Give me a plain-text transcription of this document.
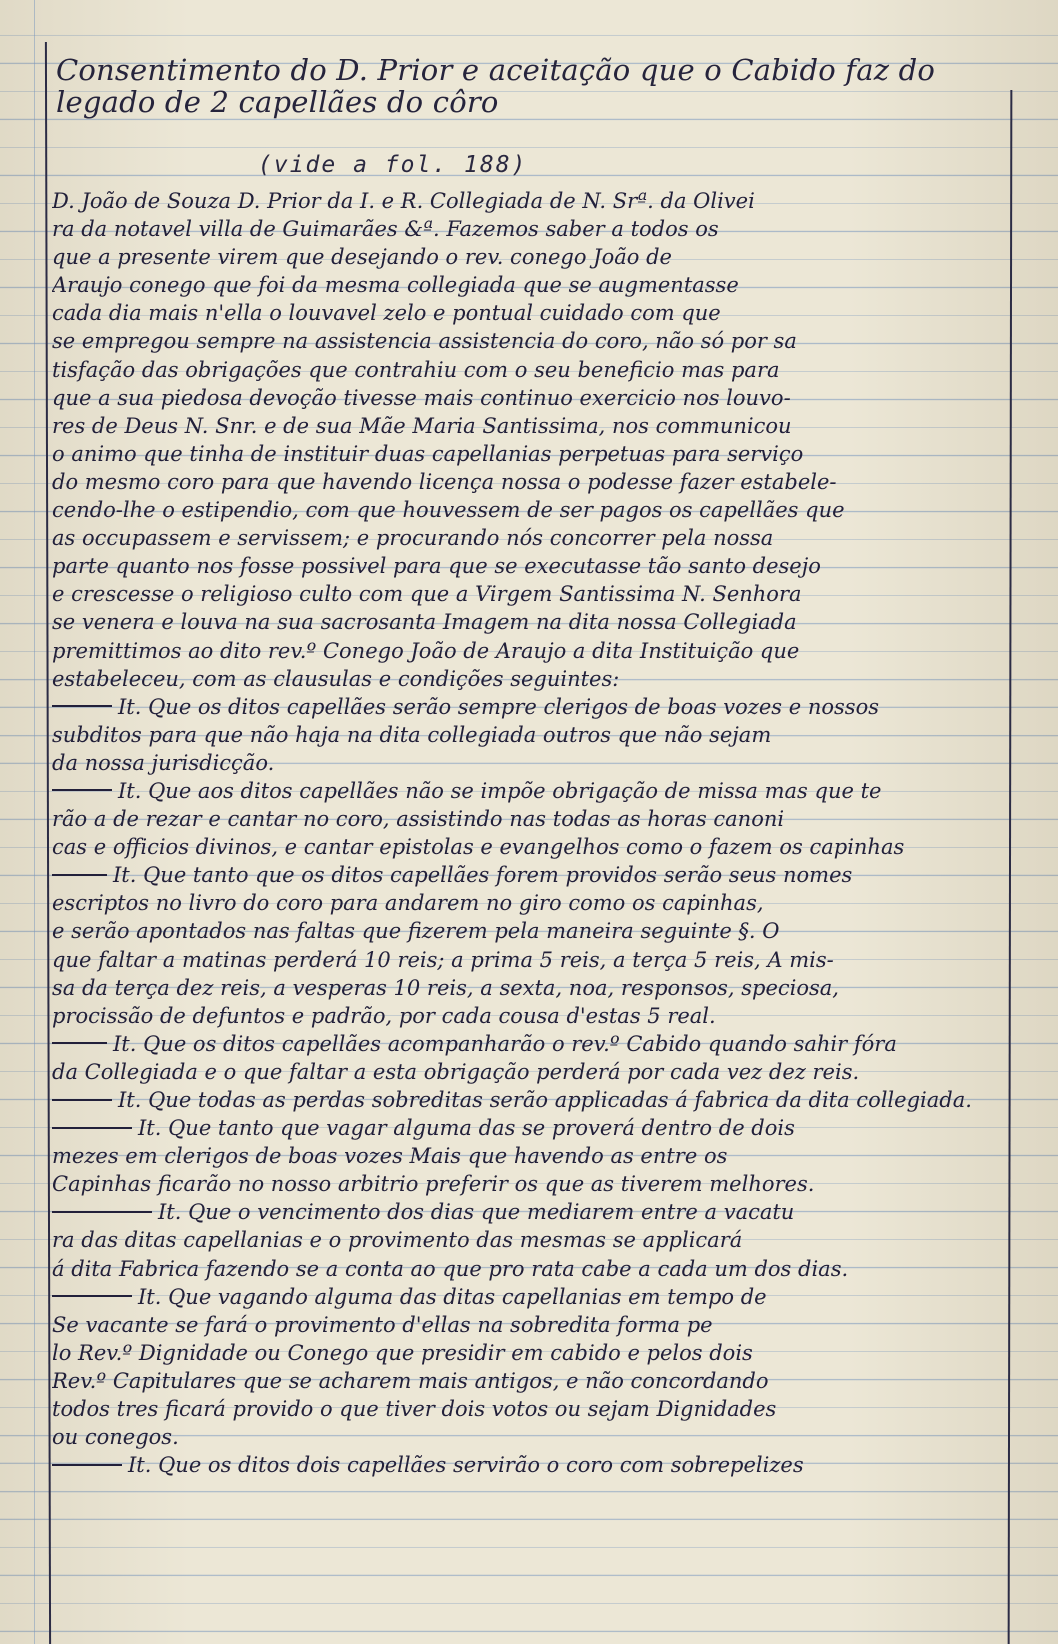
Consentimento do D. Prior e aceitação que o Cabido faz do
legado de 2 capellães do côro
(vide a fol. 188)
D. João de Souza D. Prior da I. e R. Collegiada de N. Srª. da Olivei
ra da notavel villa de Guimarães &ª. Fazemos saber a todos os
que a presente virem que desejando o rev. conego João de
Araujo conego que foi da mesma collegiada que se augmentasse
cada dia mais n'ella o louvavel zelo e pontual cuidado com que
se empregou sempre na assistencia assistencia do coro, não só por sa
tisfação das obrigações que contrahiu com o seu beneficio mas para
que a sua piedosa devoção tivesse mais continuo exercicio nos louvo-
res de Deus N. Snr. e de sua Mãe Maria Santissima, nos communicou
o animo que tinha de instituir duas capellanias perpetuas para serviço
do mesmo coro para que havendo licença nossa o podesse fazer estabele-
cendo-lhe o estipendio, com que houvessem de ser pagos os capellães que
as occupassem e servissem; e procurando nós concorrer pela nossa
parte quanto nos fosse possivel para que se executasse tão santo desejo
e crescesse o religioso culto com que a Virgem Santissima N. Senhora
se venera e louva na sua sacrosanta Imagem na dita nossa Collegiada
premittimos ao dito rev.º Conego João de Araujo a dita Instituição que
estabeleceu, com as clausulas e condições seguintes:
It. Que os ditos capellães serão sempre clerigos de boas vozes e nossos
subditos para que não haja na dita collegiada outros que não sejam
da nossa jurisdicção.
It. Que aos ditos capellães não se impõe obrigação de missa mas que te
rão a de rezar e cantar no coro, assistindo nas todas as horas canoni
cas e officios divinos, e cantar epistolas e evangelhos como o fazem os capinhas
It. Que tanto que os ditos capellães forem providos serão seus nomes
escriptos no livro do coro para andarem no giro como os capinhas,
e serão apontados nas faltas que fizerem pela maneira seguinte §. O
que faltar a matinas perderá 10 reis; a prima 5 reis, a terça 5 reis, A mis-
sa da terça dez reis, a vesperas 10 reis, a sexta, noa, responsos, speciosa,
procissão de defuntos e padrão, por cada cousa d'estas 5 real.
It. Que os ditos capellães acompanharão o rev.º Cabido quando sahir fóra
da Collegiada e o que faltar a esta obrigação perderá por cada vez dez reis.
It. Que todas as perdas sobreditas serão applicadas á fabrica da dita collegiada.
It. Que tanto que vagar alguma das se proverá dentro de dois
mezes em clerigos de boas vozes Mais que havendo as entre os
Capinhas ficarão no nosso arbitrio preferir os que as tiverem melhores.
It. Que o vencimento dos dias que mediarem entre a vacatu
ra das ditas capellanias e o provimento das mesmas se applicará
á dita Fabrica fazendo se a conta ao que pro rata cabe a cada um dos dias.
It. Que vagando alguma das ditas capellanias em tempo de
Se vacante se fará o provimento d'ellas na sobredita forma pe
lo Rev.º Dignidade ou Conego que presidir em cabido e pelos dois
Rev.º Capitulares que se acharem mais antigos, e não concordando
todos tres ficará provido o que tiver dois votos ou sejam Dignidades
ou conegos.
It. Que os ditos dois capellães servirão o coro com sobrepelizes
